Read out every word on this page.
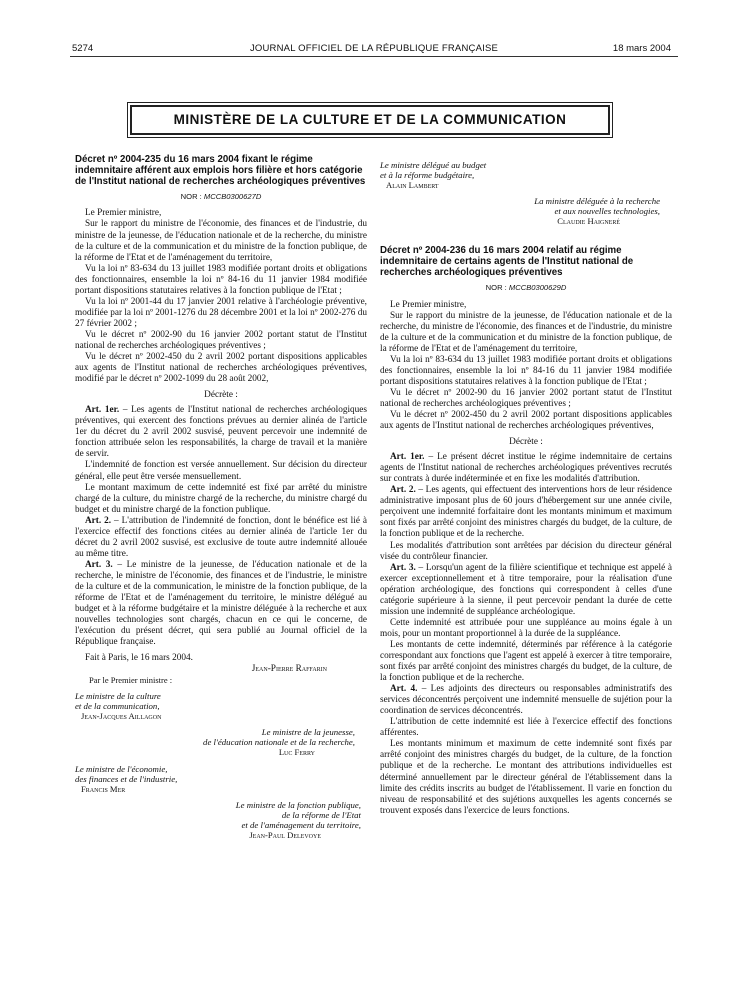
5274	JOURNAL OFFICIEL DE LA RÉPUBLIQUE FRANÇAISE	18 mars 2004
MINISTÈRE DE LA CULTURE ET DE LA COMMUNICATION
Décret nº 2004-235 du 16 mars 2004 fixant le régime indemnitaire afférent aux emplois hors filière et hors catégorie de l'Institut national de recherches archéologiques préventives
NOR : MCCB0300627D

Le Premier ministre,

Sur le rapport du ministre de l'économie, des finances et de l'industrie, du ministre de la jeunesse, de l'éducation nationale et de la recherche, du ministre de la culture et de la communication et du ministre de la fonction publique, de la réforme de l'Etat et de l'aménagement du territoire,

Vu la loi nº 83-634 du 13 juillet 1983 modifiée portant droits et obligations des fonctionnaires, ensemble la loi nº 84-16 du 11 janvier 1984 modifiée portant dispositions statutaires relatives à la fonction publique de l'Etat ;

Vu la loi nº 2001-44 du 17 janvier 2001 relative à l'archéologie préventive, modifiée par la loi nº 2001-1276 du 28 décembre 2001 et la loi nº 2002-276 du 27 février 2002 ;

Vu le décret nº 2002-90 du 16 janvier 2002 portant statut de l'Institut national de recherches archéologiques préventives ;

Vu le décret nº 2002-450 du 2 avril 2002 portant dispositions applicables aux agents de l'Institut national de recherches archéologiques préventives, modifié par le décret nº 2002-1099 du 28 août 2002,

Décrète :

Art. 1er. – Les agents de l'Institut national de recherches archéologiques préventives, qui exercent des fonctions prévues au dernier alinéa de l'article 1er du décret du 2 avril 2002 susvisé, peuvent percevoir une indemnité de fonction attribuée selon les responsabilités, la charge de travail et la manière de servir.

L'indemnité de fonction est versée annuellement. Sur décision du directeur général, elle peut être versée mensuellement.

Le montant maximum de cette indemnité est fixé par arrêté du ministre chargé de la culture, du ministre chargé de la recherche, du ministre chargé du budget et du ministre chargé de la fonction publique.

Art. 2. – L'attribution de l'indemnité de fonction, dont le bénéfice est lié à l'exercice effectif des fonctions citées au dernier alinéa de l'article 1er du décret du 2 avril 2002 susvisé, est exclusive de toute autre indemnité allouée au même titre.

Art. 3. – Le ministre de la jeunesse, de l'éducation nationale et de la recherche, le ministre de l'économie, des finances et de l'industrie, le ministre de la culture et de la communication, le ministre de la fonction publique, de la réforme de l'Etat et de l'aménagement du territoire, le ministre délégué au budget et à la réforme budgétaire et la ministre déléguée à la recherche et aux nouvelles technologies sont chargés, chacun en ce qui le concerne, de l'exécution du présent décret, qui sera publié au Journal officiel de la République française.

Fait à Paris, le 16 mars 2004.

Jean-Pierre Raffarin

Par le Premier ministre :

Le ministre de la culture
et de la communication,
Jean-Jacques Aillagon
Le ministre de la jeunesse,
de l'éducation nationale et de la recherche,
Luc Ferry
Le ministre de l'économie,
des finances et de l'industrie,
Francis Mer
Le ministre de la fonction publique,
de la réforme de l'Etat
et de l'aménagement du territoire,
Jean-Paul Delevoye
Le ministre délégué au budget
et à la réforme budgétaire,
Alain Lambert
La ministre déléguée à la recherche
et aux nouvelles technologies,
Claudie Haigneré
Décret nº 2004-236 du 16 mars 2004 relatif au régime indemnitaire de certains agents de l'Institut national de recherches archéologiques préventives
NOR : MCCB0300629D

Le Premier ministre,

Sur le rapport du ministre de la jeunesse, de l'éducation nationale et de la recherche, du ministre de l'économie, des finances et de l'industrie, du ministre de la culture et de la communication et du ministre de la fonction publique, de la réforme de l'Etat et de l'aménagement du territoire,

Vu la loi nº 83-634 du 13 juillet 1983 modifiée portant droits et obligations des fonctionnaires, ensemble la loi nº 84-16 du 11 janvier 1984 modifiée portant dispositions statutaires relatives à la fonction publique de l'Etat ;

Vu le décret nº 2002-90 du 16 janvier 2002 portant statut de l'Institut national de recherches archéologiques préventives ;

Vu le décret nº 2002-450 du 2 avril 2002 portant dispositions applicables aux agents de l'Institut national de recherches archéologiques préventives,

Décrète :

Art. 1er. – Le présent décret institue le régime indemnitaire de certains agents de l'Institut national de recherches archéologiques préventives recrutés sur contrats à durée indéterminée et en fixe les modalités d'attribution.

Art. 2. – Les agents, qui effectuent des interventions hors de leur résidence administrative imposant plus de 60 jours d'hébergement sur une année civile, perçoivent une indemnité forfaitaire dont les montants minimum et maximum sont fixés par arrêté conjoint des ministres chargés du budget, de la culture, de la fonction publique et de la recherche.

Les modalités d'attribution sont arrêtées par décision du directeur général visée du contrôleur financier.

Art. 3. – Lorsqu'un agent de la filière scientifique et technique est appelé à exercer exceptionnellement et à titre temporaire, pour la réalisation d'une opération archéologique, des fonctions qui correspondent à celles d'une catégorie supérieure à la sienne, il peut percevoir pendant la durée de cette mission une indemnité de suppléance archéologique.

Cette indemnité est attribuée pour une suppléance au moins égale à un mois, pour un montant proportionnel à la durée de la suppléance.

Les montants de cette indemnité, déterminés par référence à la catégorie correspondant aux fonctions que l'agent est appelé à exercer à titre temporaire, sont fixés par arrêté conjoint des ministres chargés du budget, de la culture, de la fonction publique et de la recherche.

Art. 4. – Les adjoints des directeurs ou responsables administratifs des services déconcentrés perçoivent une indemnité mensuelle de sujétion pour la coordination de services déconcentrés.

L'attribution de cette indemnité est liée à l'exercice effectif des fonctions afférentes.

Les montants minimum et maximum de cette indemnité sont fixés par arrêté conjoint des ministres chargés du budget, de la culture, de la fonction publique et de la recherche. Le montant des attributions individuelles est déterminé annuellement par le directeur général de l'établissement dans la limite des crédits inscrits au budget de l'établissement. Il varie en fonction du niveau de responsabilité et des sujétions auxquelles les agents concernés se trouvent exposés dans l'exercice de leurs fonctions.
